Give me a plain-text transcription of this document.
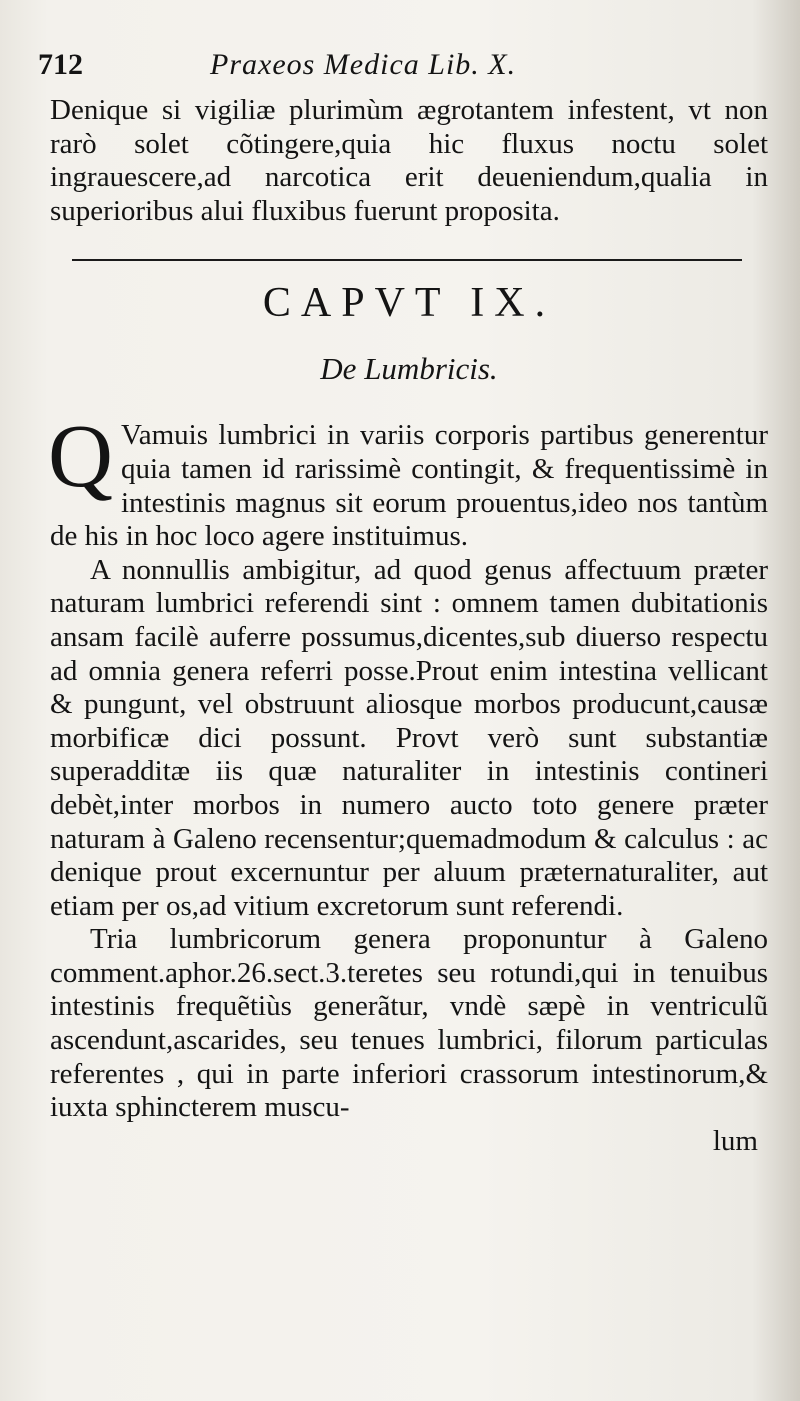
712	Praxeos Medica Lib. X.

Denique si vigiliæ plurimùm ægrotantem infestent, vt non rarò solet cõtingere,quia hic fluxus noctu solet ingrauescere,ad narcotica erit deueniendum,qualia in superioribus alui fluxibus fuerunt proposita.

CAPVT IX.
De Lumbricis.
Q Vamuis lumbrici in variis corporis partibus generentur quia tamen id rarissimè contingit, & frequentissimè in intestinis magnus sit eorum prouentus,ideo nos tantùm de his in hoc loco agere instituimus.

A nonnullis ambigitur, ad quod genus affectuum præter naturam lumbrici referendi sint : omnem tamen dubitationis ansam facilè auferre possumus,dicentes,sub diuerso respectu ad omnia genera referri posse.Prout enim intestina vellicant & pungunt, vel obstruunt aliosque morbos producunt,causæ morbificæ dici possunt. Provt verò sunt substantiæ superadditæ iis quæ naturaliter in intestinis contineri debèt,inter morbos in numero aucto toto genere præter naturam à Galeno recensentur;quemadmodum & calculus : ac denique prout excernuntur per aluum præternaturaliter, aut etiam per os,ad vitium excretorum sunt referendi.

Tria lumbricorum genera proponuntur à Galeno comment.aphor.26.sect.3.teretes seu rotundi,qui in tenuibus intestinis frequẽtiùs generãtur, vndè sæpè in ventriculũ ascendunt,ascarides, seu tenues lumbrici, filorum particulas referentes , qui in parte inferiori crassorum intestinorum,& iuxta sphincterem muscu-

lum
